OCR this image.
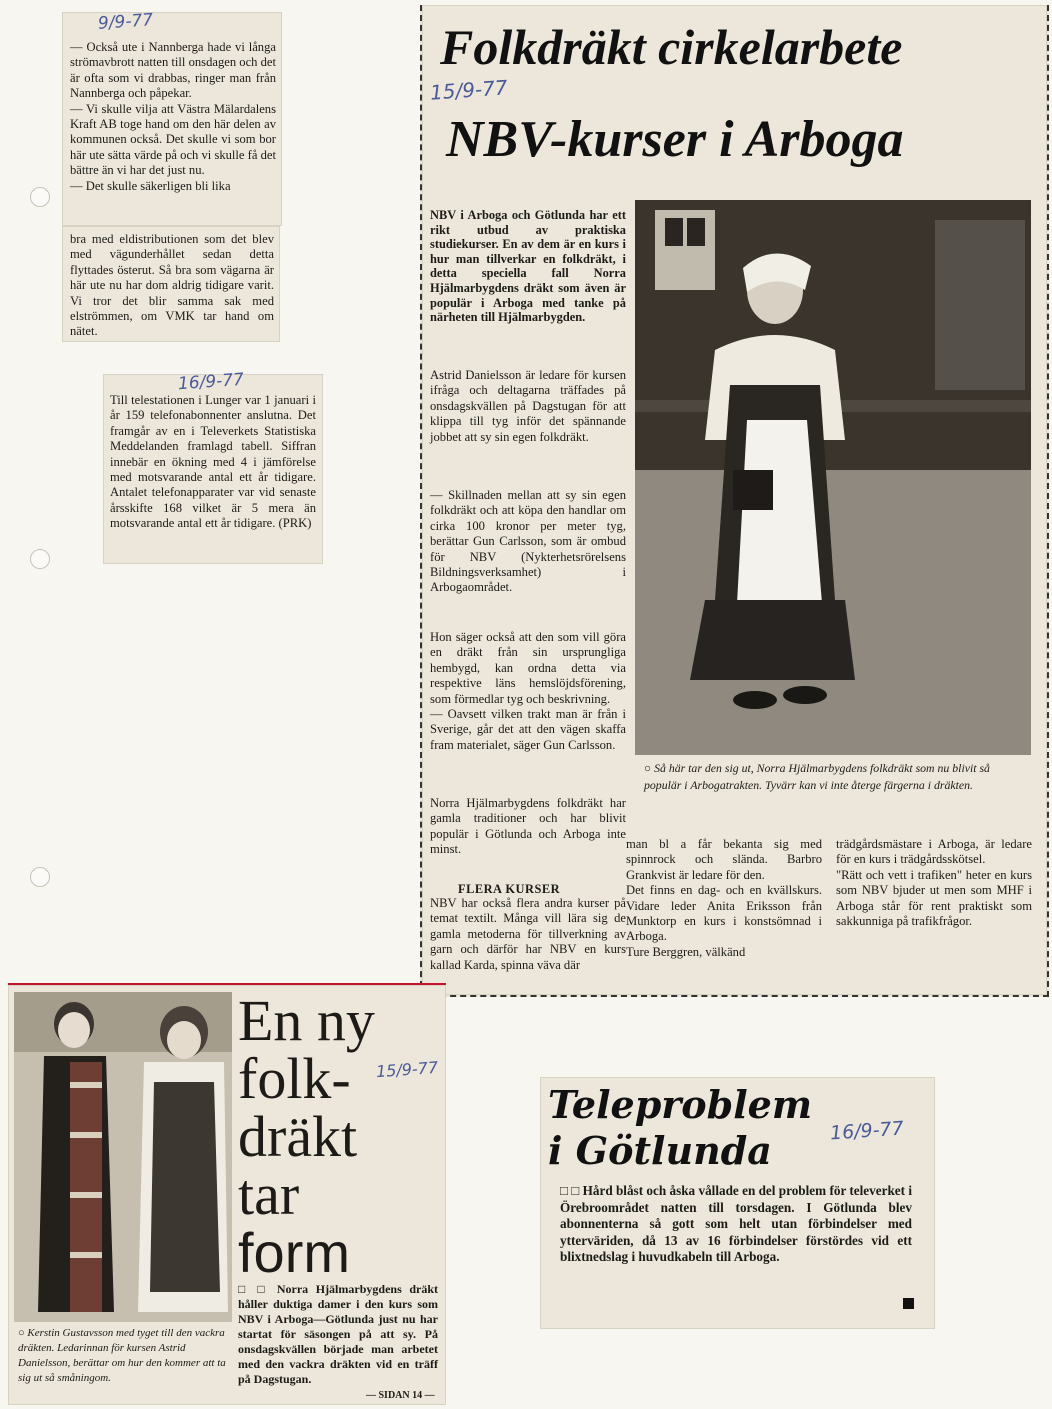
9/9-77

— Också ute i Nannberga hade vi långa strömavbrott natten till onsdagen och det är ofta som vi drabbas, ringer man från Nannberga och påpekar.
— Vi skulle vilja att Västra Mälardalens Kraft AB toge hand om den här delen av kommunen också. Det skulle vi som bor här ute sätta värde på och vi skulle få det bättre än vi har det just nu.
— Det skulle säkerligen bli lika

bra med eldistributionen som det blev med vägunderhållet sedan detta flyttades österut. Så bra som vägarna är här ute nu har dom aldrig tidigare varit. Vi tror det blir samma sak med elströmmen, om VMK tar hand om nätet.

16/9-77

Till telestationen i Lunger var 1 januari i år 159 telefonabonnenter anslutna. Det framgår av en i Televerkets Statistiska Meddelanden framlagd tabell. Siffran innebär en ökning med 4 i jämförelse med motsvarande antal ett år tidigare. Antalet telefonapparater var vid senaste årsskifte 168 vilket är 5 mera än motsvarande antal ett år tidigare. (PRK)

Folkdräkt cirkelarbete
15/9-77
NBV-kurser i Arboga

NBV i Arboga och Götlunda har ett rikt utbud av praktiska studiekurser. En av dem är en kurs i hur man tillverkar en folkdräkt, i detta speciella fall Norra Hjälmarbygdens dräkt som även är populär i Arboga med tanke på närheten till Hjälmarbygden.

Astrid Danielsson är ledare för kursen ifråga och deltagarna träffades på onsdagskvällen på Dagstugan för att klippa till tyg inför det spännande jobbet att sy sin egen folkdräkt.

— Skillnaden mellan att sy sin egen folkdräkt och att köpa den handlar om cirka 100 kronor per meter tyg, berättar Gun Carlsson, som är ombud för NBV (Nykterhetsrörelsens Bildningsverksamhet) i Arbogaområdet.

Hon säger också att den som vill göra en dräkt från sin ursprungliga hembygd, kan ordna detta via respektive läns hemslöjdsförening, som förmedlar tyg och beskrivning.
— Oavsett vilken trakt man är från i Sverige, går det att den vägen skaffa fram materialet, säger Gun Carlsson.

Norra Hjälmarbygdens folkdräkt har gamla traditioner och har blivit populär i Götlunda och Arboga inte minst.

FLERA KURSER

NBV har också flera andra kurser på temat textilt. Många vill lära sig de gamla metoderna för tillverkning av garn och därför har NBV en kurs kallad Karda, spinna väva där

man bl a får bekanta sig med spinnrock och slända. Barbro Grankvist är ledare för den.
Det finns en dag- och en kvällskurs. Vidare leder Anita Eriksson från Munktorp en kurs i konstsömnad i Arboga.
Ture Berggren, välkänd

trädgårdsmästare i Arboga, är ledare för en kurs i trädgårdsskötsel.
"Rätt och vett i trafiken" heter en kurs som NBV bjuder ut men som MHF i Arboga står för rent praktiskt som sakkunniga på trafikfrågor.

○ Så här tar den sig ut, Norra Hjälmarbygdens folkdräkt som nu blivit så populär i Arbogatrakten. Tyvärr kan vi inte återge färgerna i dräkten.

○ Kerstin Gustavsson med tyget till den vackra dräkten. Ledarinnan för kursen Astrid Danielsson, berättar om hur den kommer att ta sig ut så småningom.

En ny
folk-
dräkt
tar
form
15/9-77

□ □ Norra Hjälmarbygdens dräkt håller duktiga damer i den kurs som NBV i Arboga—Götlunda just nu har startat för säsongen på att sy. På onsdagskvällen började man arbetet med den vackra dräkten vid en träff på Dagstugan.

— SIDAN 14 —
Teleproblem
i Götlunda	16/9-77

□ □ Hård blåst och åska vållade en del problem för televerket i Örebroområdet natten till torsdagen. I Götlunda blev abonnenterna så gott som helt utan förbindelser med ytterväriden, då 13 av 16 förbindelser förstördes vid ett blixtnedslag i huvudkabeln till Arboga.
